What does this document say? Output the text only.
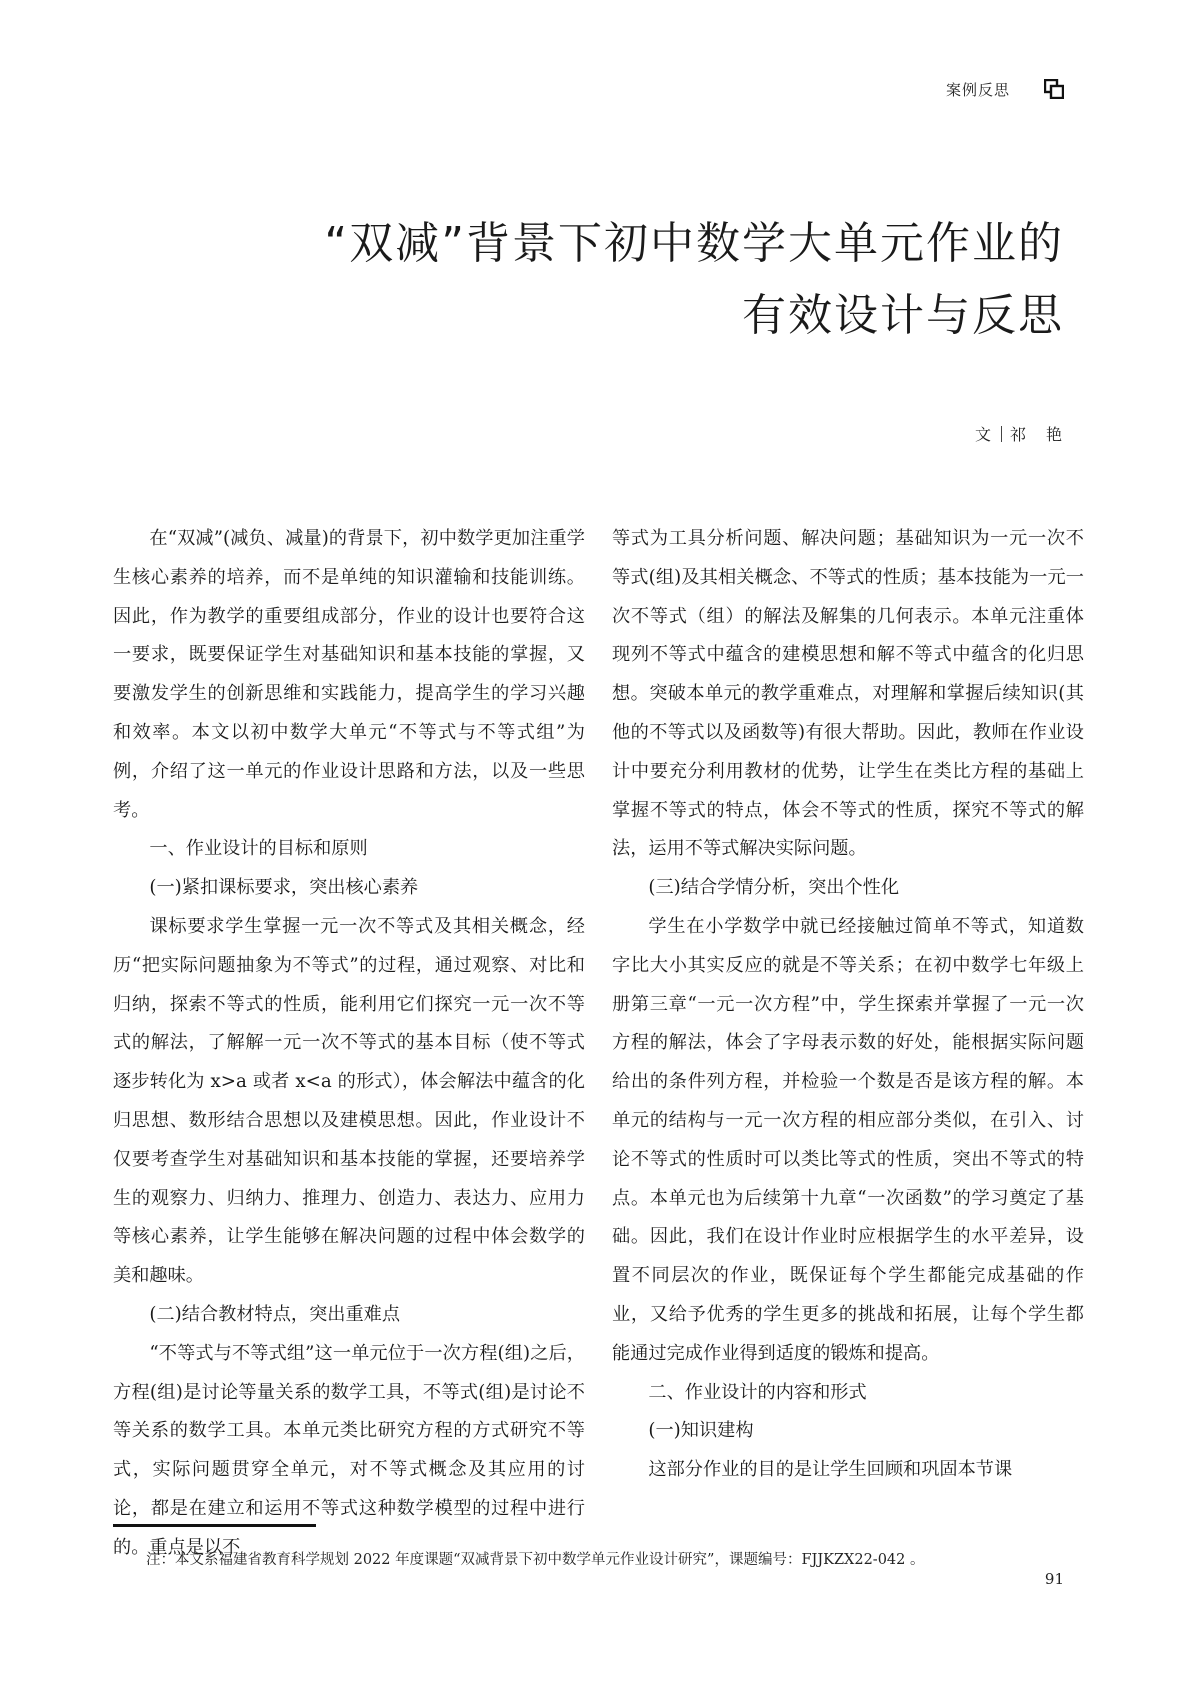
案例反思
“双减”背景下初中数学大单元作业的
有效设计与反思
文 祁　艳

在“双减”(减负、减量)的背景下，初中数学更加注重学生核心素养的培养，而不是单纯的知识灌输和技能训练。因此，作为教学的重要组成部分，作业的设计也要符合这一要求，既要保证学生对基础知识和基本技能的掌握，又要激发学生的创新思维和实践能力，提高学生的学习兴趣和效率。本文以初中数学大单元“不等式与不等式组”为例，介绍了这一单元的作业设计思路和方法，以及一些思考。

一、作业设计的目标和原则

(一)紧扣课标要求，突出核心素养

课标要求学生掌握一元一次不等式及其相关概念，经历“把实际问题抽象为不等式”的过程，通过观察、对比和归纳，探索不等式的性质，能利用它们探究一元一次不等式的解法，了解解一元一次不等式的基本目标（使不等式逐步转化为 x>a 或者 x<a 的形式），体会解法中蕴含的化归思想、数形结合思想以及建模思想。因此，作业设计不仅要考查学生对基础知识和基本技能的掌握，还要培养学生的观察力、归纳力、推理力、创造力、表达力、应用力等核心素养，让学生能够在解决问题的过程中体会数学的美和趣味。

(二)结合教材特点，突出重难点

“不等式与不等式组”这一单元位于一次方程(组)之后，方程(组)是讨论等量关系的数学工具，不等式(组)是讨论不等关系的数学工具。本单元类比研究方程的方式研究不等式，实际问题贯穿全单元，对不等式概念及其应用的讨论，都是在建立和运用不等式这种数学模型的过程中进行的。重点是以不

等式为工具分析问题、解决问题；基础知识为一元一次不等式(组)及其相关概念、不等式的性质；基本技能为一元一次不等式（组）的解法及解集的几何表示。本单元注重体现列不等式中蕴含的建模思想和解不等式中蕴含的化归思想。突破本单元的教学重难点，对理解和掌握后续知识(其他的不等式以及函数等)有很大帮助。因此，教师在作业设计中要充分利用教材的优势，让学生在类比方程的基础上掌握不等式的特点，体会不等式的性质，探究不等式的解法，运用不等式解决实际问题。

(三)结合学情分析，突出个性化

学生在小学数学中就已经接触过简单不等式，知道数字比大小其实反应的就是不等关系；在初中数学七年级上册第三章“一元一次方程”中，学生探索并掌握了一元一次方程的解法，体会了字母表示数的好处，能根据实际问题给出的条件列方程，并检验一个数是否是该方程的解。本单元的结构与一元一次方程的相应部分类似，在引入、讨论不等式的性质时可以类比等式的性质，突出不等式的特点。本单元也为后续第十九章“一次函数”的学习奠定了基础。因此，我们在设计作业时应根据学生的水平差异，设置不同层次的作业，既保证每个学生都能完成基础的作业，又给予优秀的学生更多的挑战和拓展，让每个学生都能通过完成作业得到适度的锻炼和提高。

二、作业设计的内容和形式

(一)知识建构

这部分作业的目的是让学生回顾和巩固本节课

注：本文系福建省教育科学规划 2022 年度课题“双减背景下初中数学单元作业设计研究”，课题编号：FJJKZX22-042 。
91
